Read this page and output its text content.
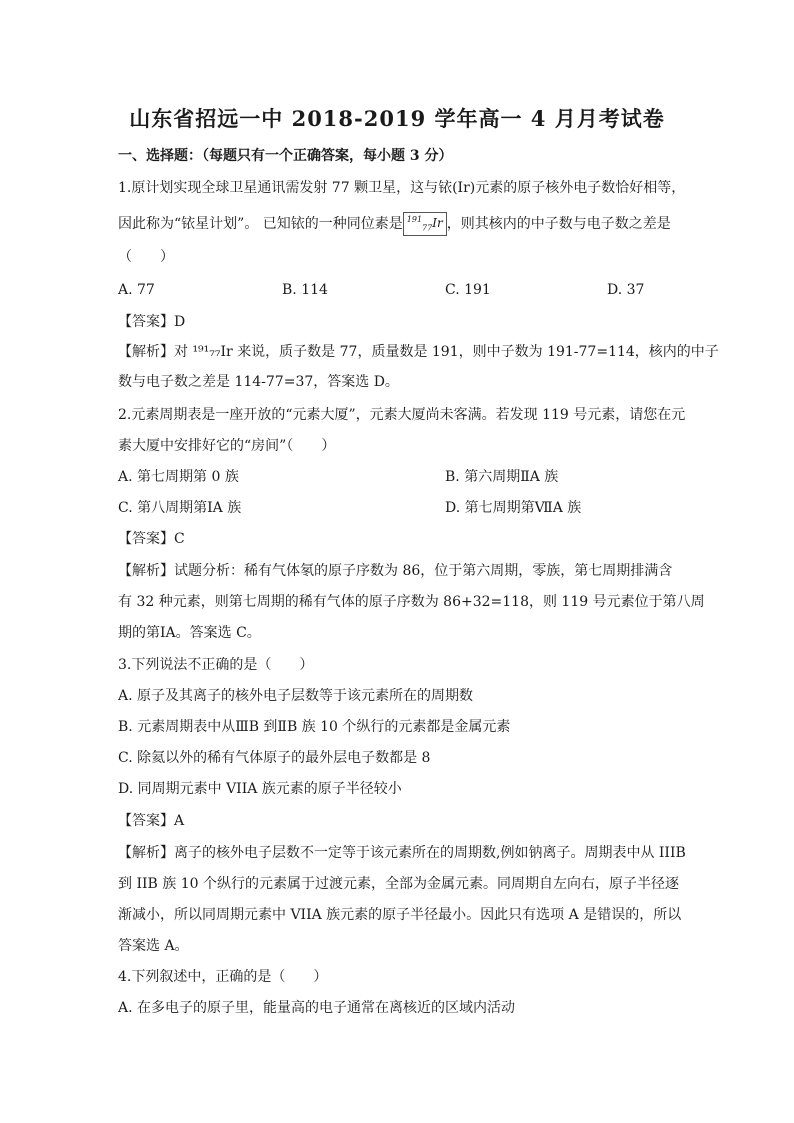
山东省招远一中 2018-2019 学年高一 4 月月考试卷
一、选择题：（每题只有一个正确答案，每小题 3 分）
1.原计划实现全球卫星通讯需发射 77 颗卫星，这与铱(Ir)元素的原子核外电子数恰好相等，
因此称为“铱星计划”。 已知铱的一种同位素是 $^{191}_{77}$Ir ，则其核内的中子数与电子数之差是
（　　）
A. 77	B. 114	C. 191	D. 37
【答案】D
【解析】对 ¹⁹¹₇₇Ir 来说，质子数是 77，质量数是 191，则中子数为 191-77=114，核内的中子
数与电子数之差是 114-77=37，答案选 D。
2.元素周期表是一座开放的“元素大厦”，元素大厦尚未客满。若发现 119 号元素，请您在元
素大厦中安排好它的“房间”（　　）
A. 第七周期第 0 族	B. 第六周期ⅡA 族
C. 第八周期第ⅠA 族	D. 第七周期第ⅦA 族
【答案】C
【解析】试题分析：稀有气体氡的原子序数为 86，位于第六周期，零族，第七周期排满含
有 32 种元素，则第七周期的稀有气体的原子序数为 86+32=118，则 119 号元素位于第八周
期的第ⅠA。答案选 C。
3.下列说法不正确的是（　　）
A. 原子及其离子的核外电子层数等于该元素所在的周期数
B. 元素周期表中从ⅢB 到ⅡB 族 10 个纵行的元素都是金属元素
C. 除氦以外的稀有气体原子的最外层电子数都是 8
D. 同周期元素中 VIIA 族元素的原子半径较小
【答案】A
【解析】离子的核外电子层数不一定等于该元素所在的周期数,例如钠离子。周期表中从 IIIB
到 IIB 族 10 个纵行的元素属于过渡元素，全部为金属元素。同周期自左向右，原子半径逐
渐减小，所以同周期元素中 VIIA 族元素的原子半径最小。因此只有选项 A 是错误的，所以
答案选 A。
4.下列叙述中，正确的是（　　）
A. 在多电子的原子里，能量高的电子通常在离核近的区域内活动
